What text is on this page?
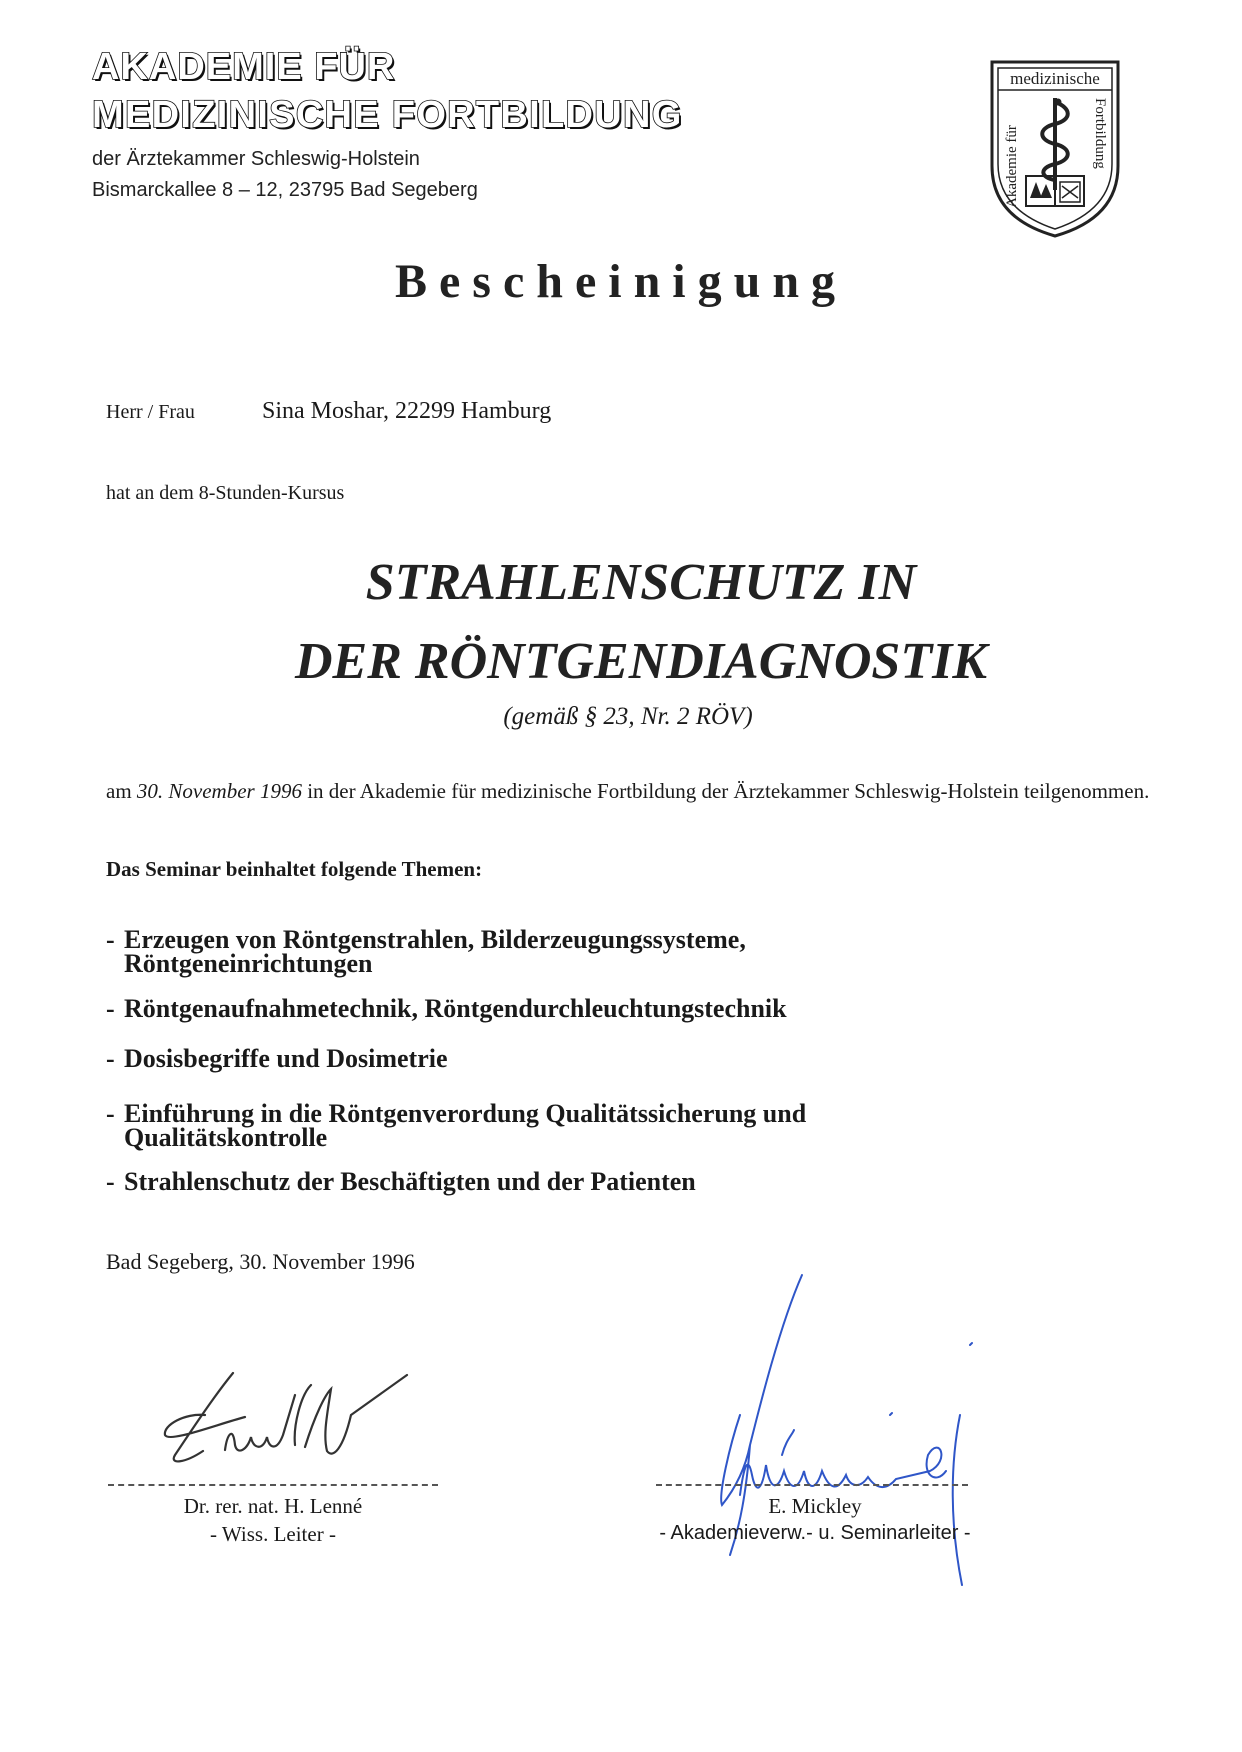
AKADEMIE FÜR
MEDIZINISCHE FORTBILDUNG
der Ärztekammer Schleswig-Holstein
Bismarckallee 8 – 12, 23795 Bad Segeberg
medizinische
Akademie für	Fortbildung
Bescheinigung
Herr / Frau	Sina Moshar, 22299 Hamburg
hat an dem 8-Stunden-Kursus
STRAHLENSCHUTZ IN
DER RÖNTGENDIAGNOSTIK
(gemäß § 23, Nr. 2 RÖV)
am 30. November 1996 in der Akademie für medizinische Fortbildung der Ärztekammer Schleswig-Holstein teilgenommen.
Das Seminar beinhaltet folgende Themen:
- Erzeugen von Röntgenstrahlen, Bilderzeugungssysteme,
Röntgeneinrichtungen
- Röntgenaufnahmetechnik, Röntgendurchleuchtungstechnik
- Dosisbegriffe und Dosimetrie
- Einführung in die Röntgenverordung Qualitätssicherung und
Qualitätskontrolle
- Strahlenschutz der Beschäftigten und der Patienten
Bad Segeberg, 30. November 1996
Dr. rer. nat. H. Lenné
- Wiss. Leiter -
E. Mickley
- Akademieverw.- u. Seminarleiter -
